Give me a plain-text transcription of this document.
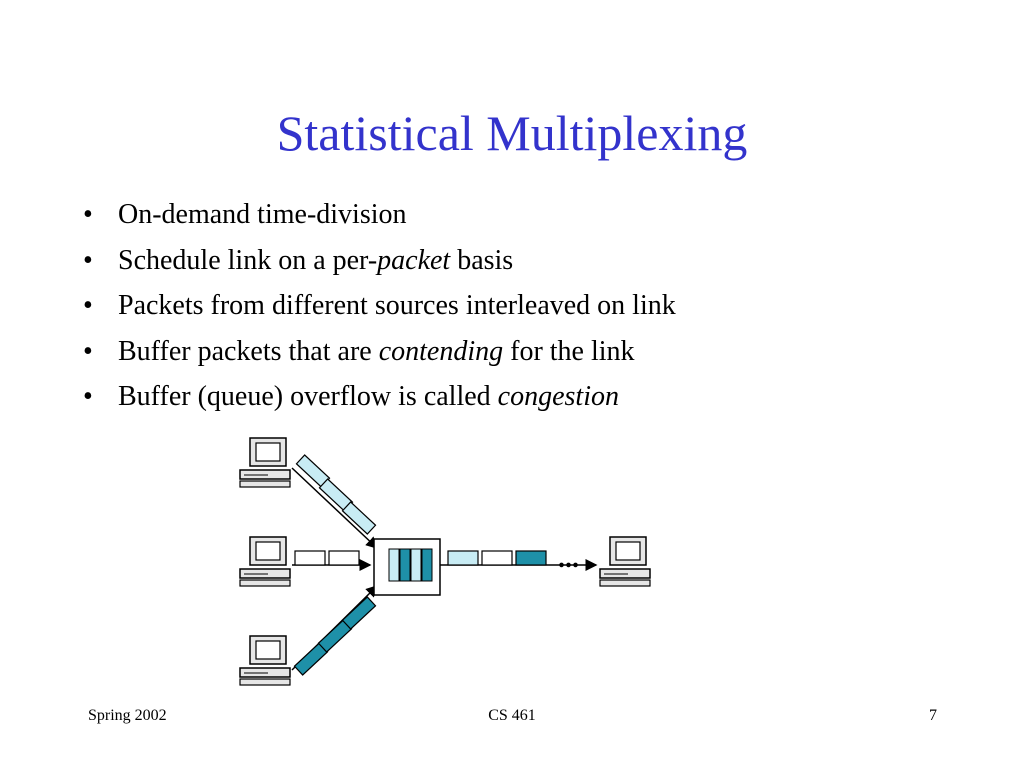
Statistical Multiplexing
• On-demand time-division
• Schedule link on a per-packet basis
• Packets from different sources interleaved on link
• Buffer packets that are contending for the link
• Buffer (queue) overflow is called congestion
...
Spring 2002	CS 461	7
